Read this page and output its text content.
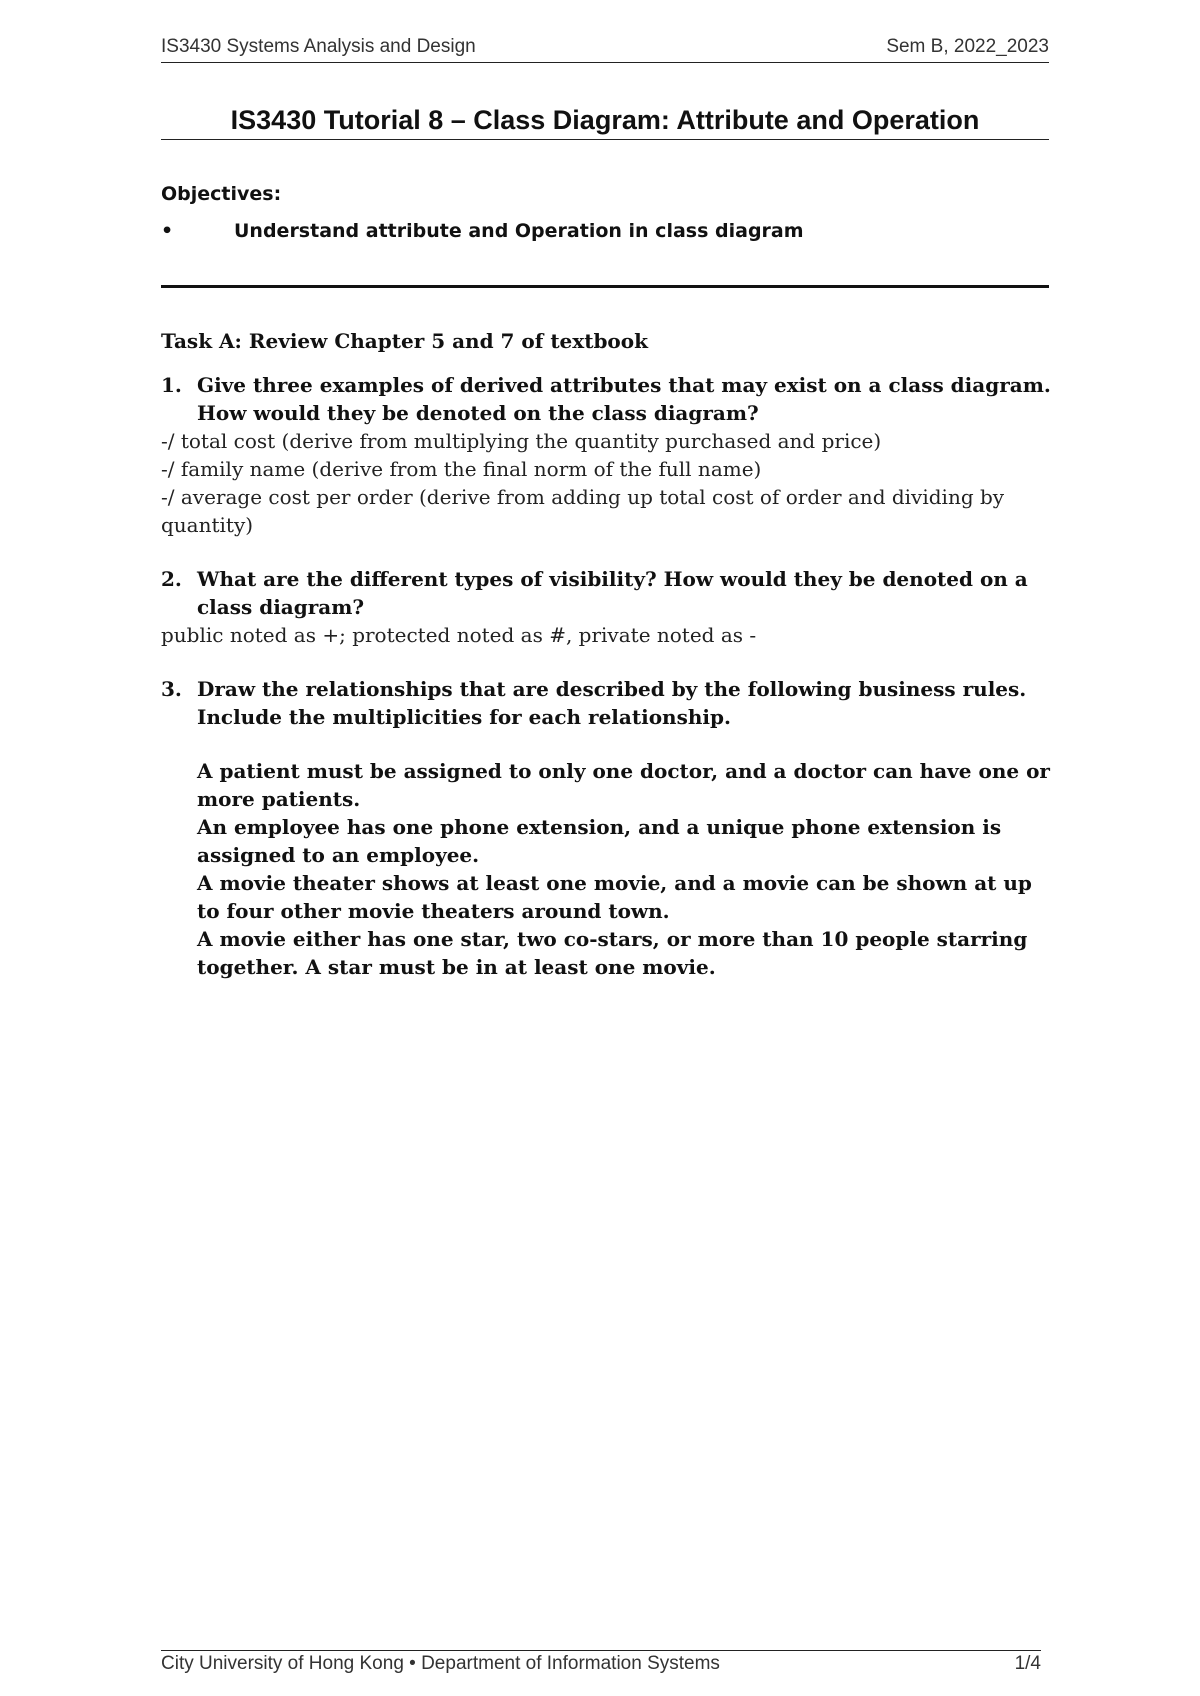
IS3430 Systems Analysis and Design	Sem B, 2022_2023
IS3430 Tutorial 8 – Class Diagram: Attribute and Operation
Objectives:
•	Understand attribute and Operation in class diagram

Task A: Review Chapter 5 and 7 of textbook

1. Give three examples of derived attributes that may exist on a class diagram. How would they be denoted on the class diagram?

-/ total cost (derive from multiplying the quantity purchased and price)

-/ family name (derive from the final norm of the full name)

-/ average cost per order (derive from adding up total cost of order and dividing by quantity)

2. What are the different types of visibility? How would they be denoted on a class diagram?

public noted as +; protected noted as #, private noted as -

3. Draw the relationships that are described by the following business rules. Include the multiplicities for each relationship.

A patient must be assigned to only one doctor, and a doctor can have one or more patients.

An employee has one phone extension, and a unique phone extension is assigned to an employee.

A movie theater shows at least one movie, and a movie can be shown at up to four other movie theaters around town.

A movie either has one star, two co-stars, or more than 10 people starring together. A star must be in at least one movie.

City University of Hong Kong • Department of Information Systems	1/4
